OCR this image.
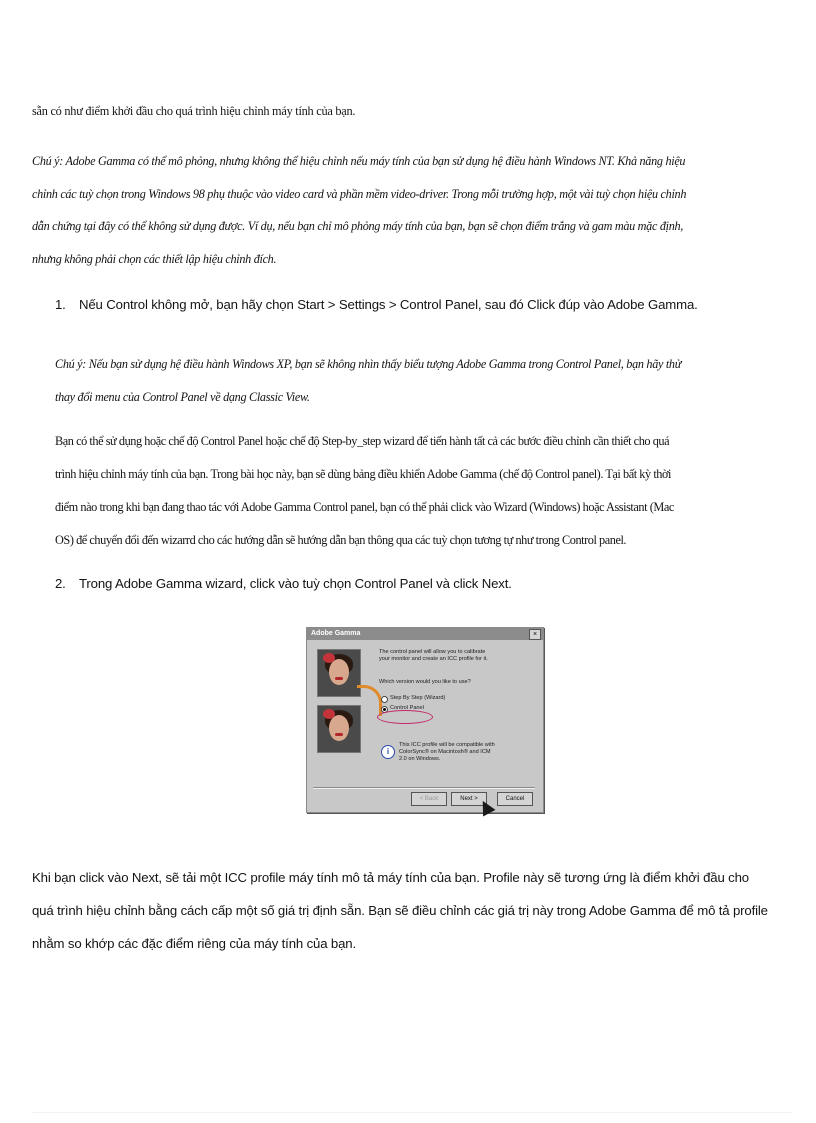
sẵn có như điểm khởi đầu cho quá trình hiệu chỉnh máy tính của bạn.

Chú ý: Adobe Gamma có thể mô phỏng, nhưng không thể hiệu chỉnh nếu máy tính của bạn sử dụng hệ điều hành Windows NT. Khả năng hiệu
chỉnh các tuỳ chọn trong Windows 98 phụ thuộc vào video card và phần mềm video-driver. Trong mỗi trường hợp, một vài tuỳ chọn hiệu chỉnh
dẫn chứng tại đây có thể không sử dụng được. Ví dụ, nếu bạn chỉ mô phỏng máy tính của bạn, bạn sẽ chọn điểm trắng và gam màu mặc định,
nhưng không phải chọn các thiết lập hiệu chỉnh đích.

1. Nếu Control không mở, bạn hãy chọn Start > Settings > Control Panel, sau đó Click đúp vào Adobe Gamma.

Chú ý: Nếu bạn sử dụng hệ điều hành Windows XP, bạn sẽ không nhìn thấy biểu tượng Adobe Gamma trong Control Panel, bạn hãy thử
thay đổi menu của Control Panel về dạng Classic View.

Bạn có thể sử dụng hoặc chế độ Control Panel hoặc chế độ Step-by_step wizard để tiến hành tất cả các bước điều chỉnh cần thiết cho quá
trình hiệu chỉnh máy tính của bạn. Trong bài học này, bạn sẽ dùng bảng điều khiển Adobe Gamma (chế độ Control panel). Tại bất kỳ thời
điểm nào trong khi bạn đang thao tác với Adobe Gamma Control panel, bạn có thể phải click vào Wizard (Windows) hoặc Assistant (Mac
OS) để chuyển đổi đến wizarrd cho các hướng dẫn sẽ hướng dẫn bạn thông qua các tuỳ chọn tương tự như trong Control panel.

2. Trong Adobe Gamma wizard, click vào tuỳ chọn Control Panel và click Next.

Adobe Gamma	×
The control panel will allow you to calibrate
your monitor and create an ICC profile for it.
Which version would you like to use?
Step By Step (Wizard)
Control Panel
i
This ICC profile will be compatible with
ColorSync® on Macintosh® and ICM
2.0 on Windows.
< Back	Next >	Cancel

Khi bạn click vào Next, sẽ tải một ICC profile máy tính mô tả máy tính của bạn. Profile này sẽ tương ứng là điểm khởi đầu cho
quá trình hiệu chỉnh bằng cách cấp một số giá trị định sẵn. Bạn sẽ điều chỉnh các giá trị này trong Adobe Gamma để mô tả profile
nhằm so khớp các đặc điểm riêng của máy tính của bạn.
